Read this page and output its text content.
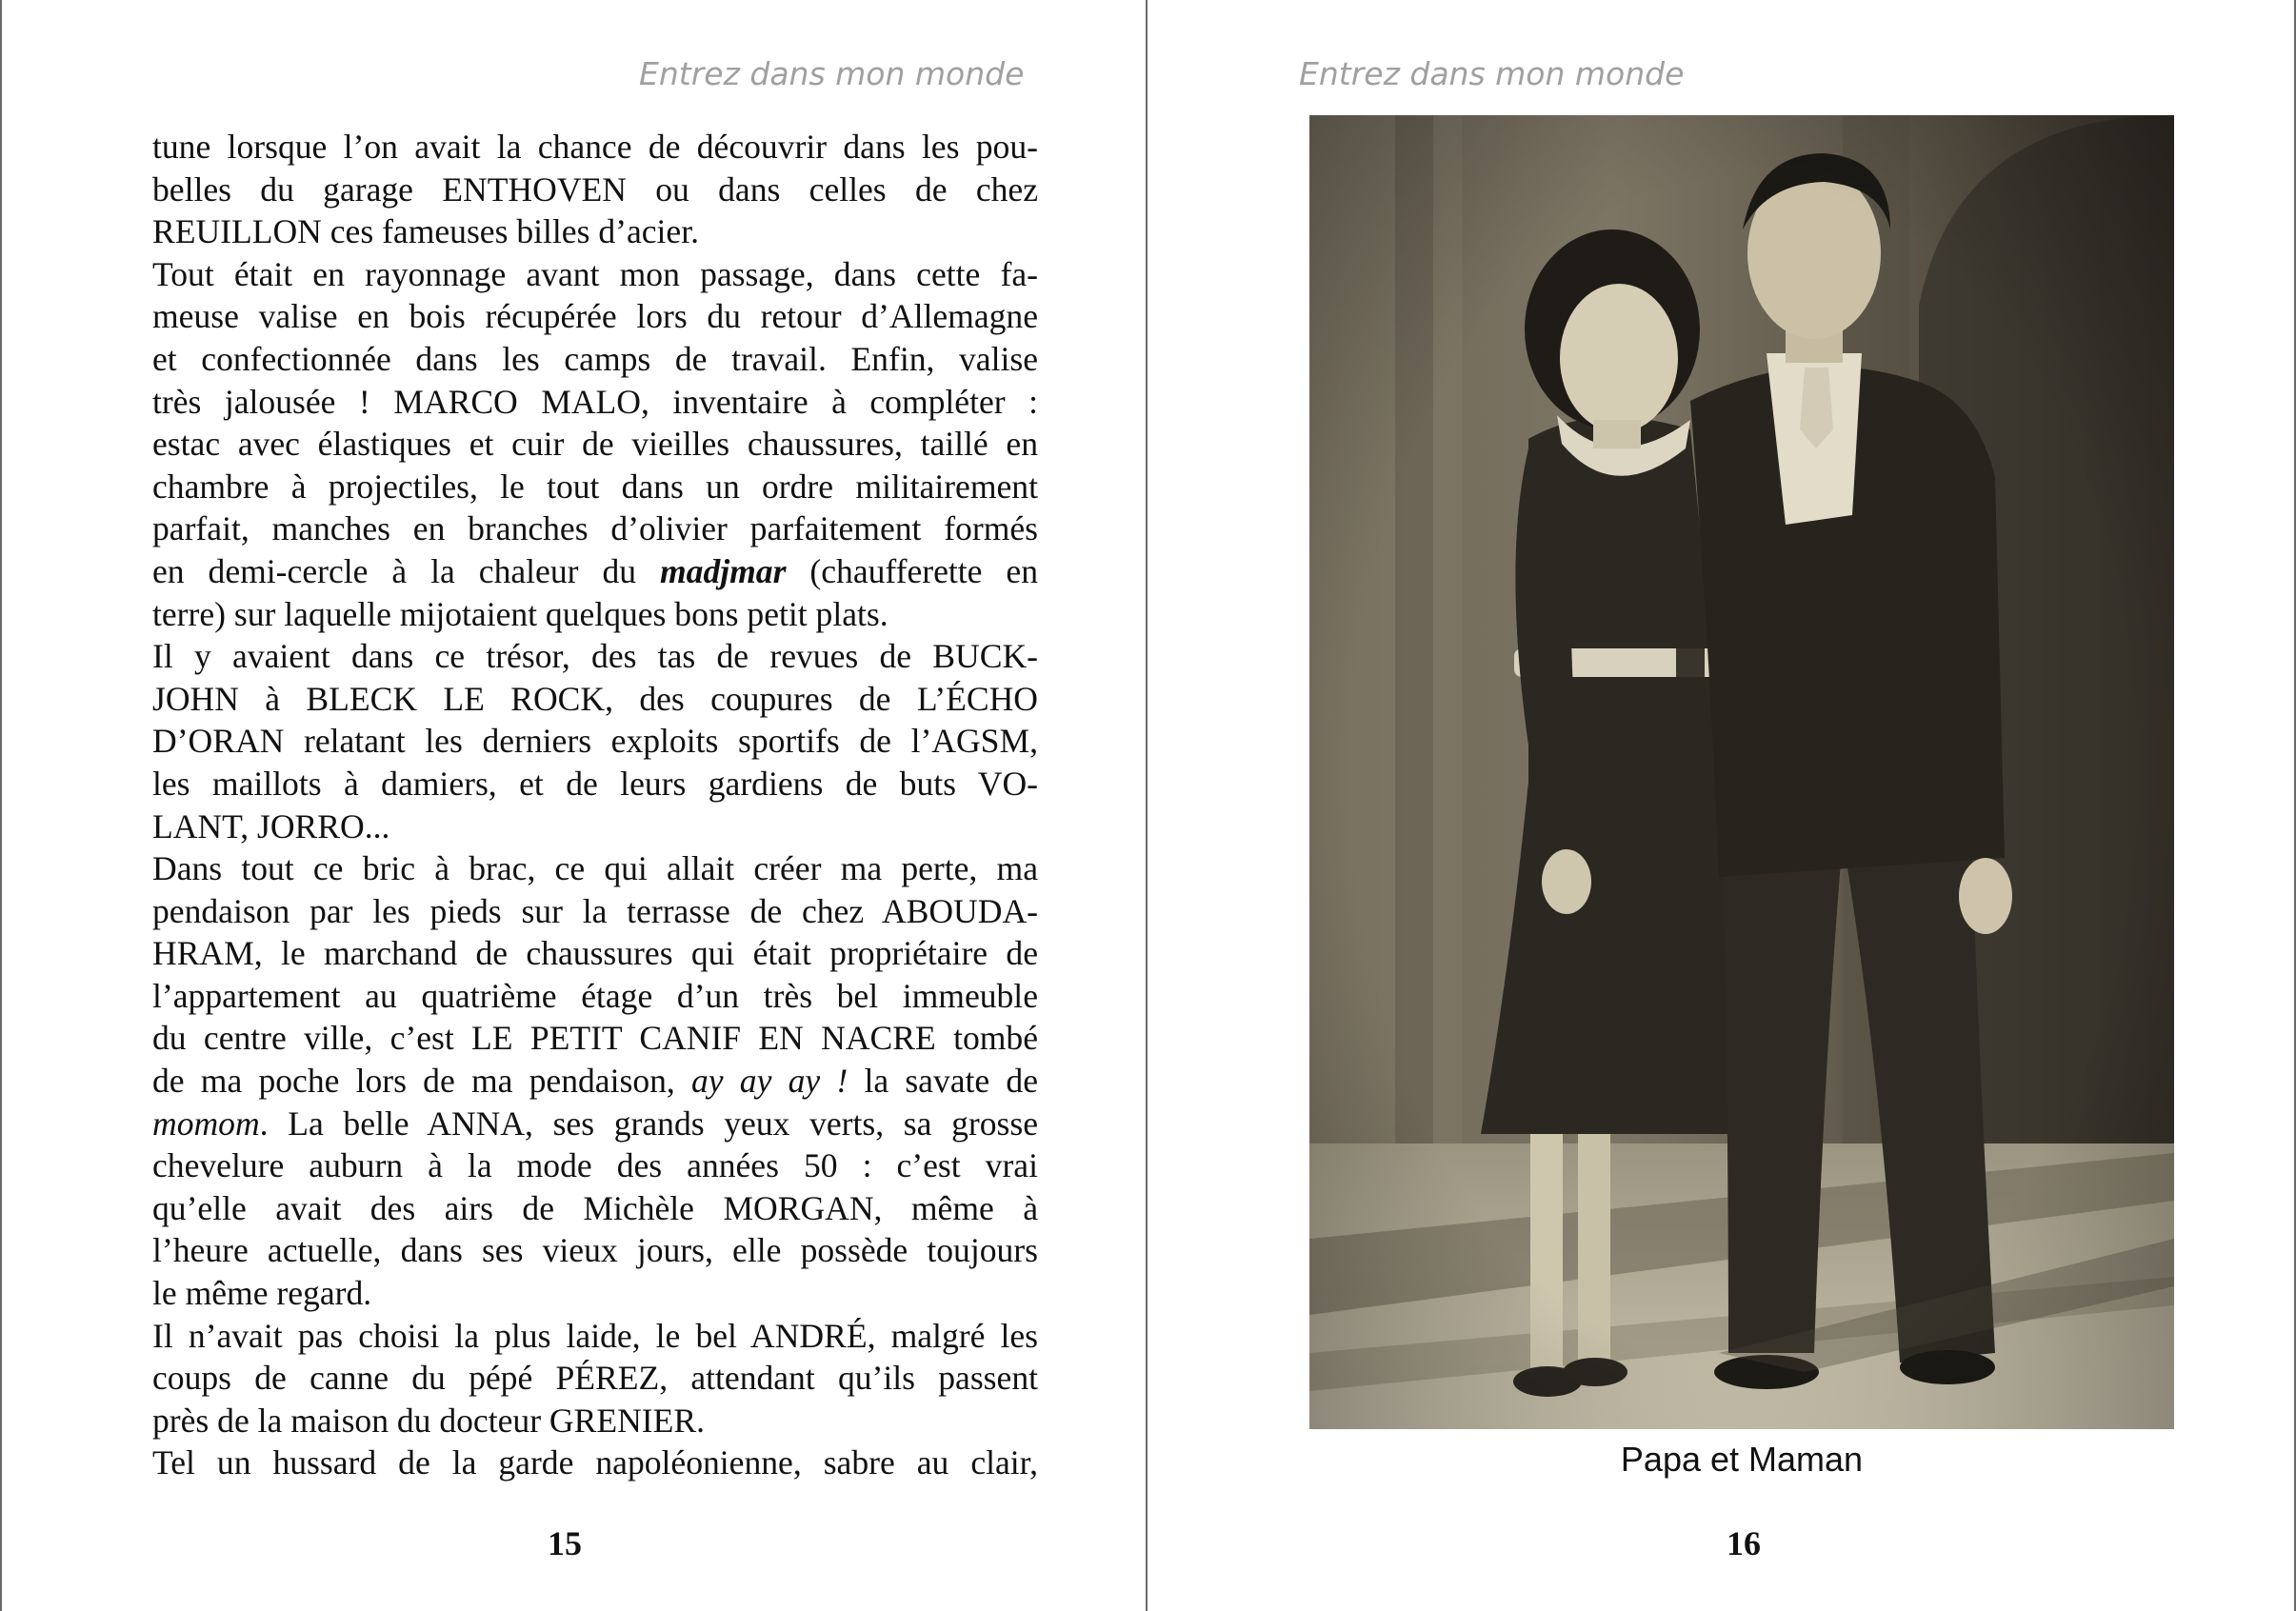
Entrez dans mon monde
tune lorsque l’on avait la chance de découvrir dans les pou-
belles du garage ENTHOVEN ou dans celles de chez
REUILLON ces fameuses billes d’acier.
Tout était en rayonnage avant mon passage, dans cette fa-
meuse valise en bois récupérée lors du retour d’Allemagne
et confectionnée dans les camps de travail. Enfin, valise
très jalousée ! MARCO MALO, inventaire à compléter :
estac avec élastiques et cuir de vieilles chaussures, taillé en
chambre à projectiles, le tout dans un ordre militairement
parfait, manches en branches d’olivier parfaitement formés
en demi-cercle à la chaleur du madjmar (chaufferette en
terre) sur laquelle mijotaient quelques bons petit plats.
Il y avaient dans ce trésor, des tas de revues de BUCK-
JOHN à BLECK LE ROCK, des coupures de L’ÉCHO
D’ORAN relatant les derniers exploits sportifs de l’AGSM,
les maillots à damiers, et de leurs gardiens de buts VO-
LANT, JORRO...
Dans tout ce bric à brac, ce qui allait créer ma perte, ma
pendaison par les pieds sur la terrasse de chez ABOUDA-
HRAM, le marchand de chaussures qui était propriétaire de
l’appartement au quatrième étage d’un très bel immeuble
du centre ville, c’est LE PETIT CANIF EN NACRE tombé
de ma poche lors de ma pendaison, ay ay ay ! la savate de
momom. La belle ANNA, ses grands yeux verts, sa grosse
chevelure auburn à la mode des années 50 : c’est vrai
qu’elle avait des airs de Michèle MORGAN, même à
l’heure actuelle, dans ses vieux jours, elle possède toujours
le même regard.
Il n’avait pas choisi la plus laide, le bel ANDRÉ, malgré les
coups de canne du pépé PÉREZ, attendant qu’ils passent
près de la maison du docteur GRENIER.
Tel un hussard de la garde napoléonienne, sabre au clair,
15
Entrez dans mon monde
Papa et Maman
16
